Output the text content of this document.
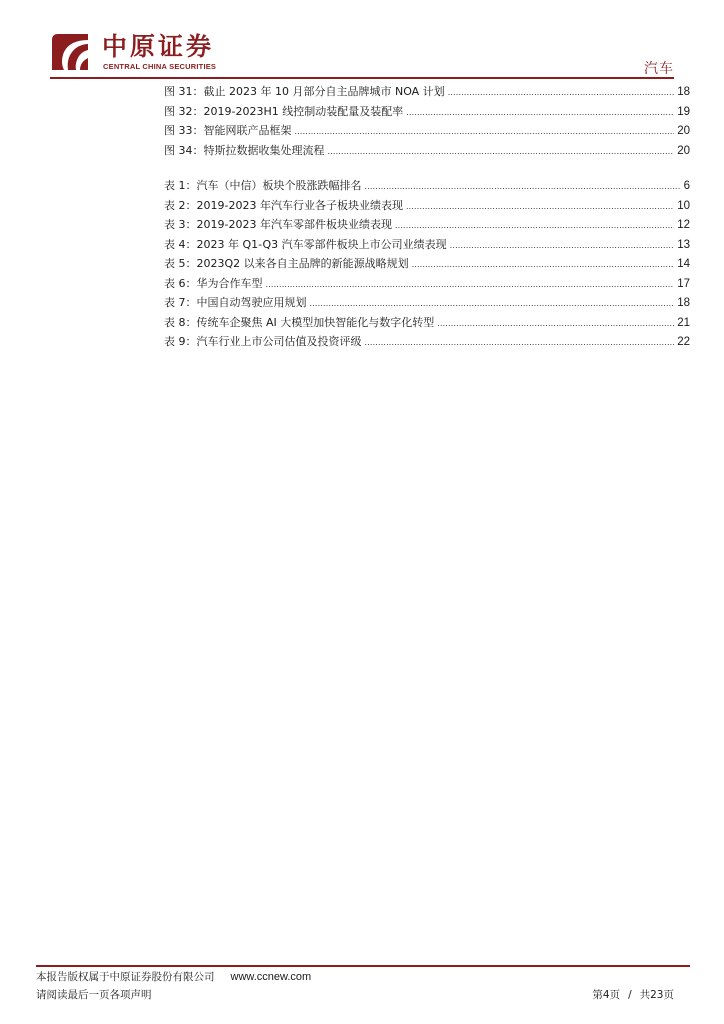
中原证券
CENTRAL CHINA SECURITIES	汽车
图 31：截止 2023 年 10 月部分自主品牌城市 NOA 计划 .....	18
图 32：2019-2023H1 线控制动装配量及装配率 .....	19
图 33：智能网联产品框架 .....	20
图 34：特斯拉数据收集处理流程 .....	20
表 1：汽车（中信）板块个股涨跌幅排名 .....	6
表 2：2019-2023 年汽车行业各子板块业绩表现 .....	10
表 3：2019-2023 年汽车零部件板块业绩表现 .....	12
表 4：2023 年 Q1-Q3 汽车零部件板块上市公司业绩表现 .....	13
表 5：2023Q2 以来各自主品牌的新能源战略规划 .....	14
表 6：华为合作车型 .....	17
表 7：中国自动驾驶应用规划 .....	18
表 8：传统车企聚焦 AI 大模型加快智能化与数字化转型 .....	21
表 9：汽车行业上市公司估值及投资评级 .....	22
本报告版权属于中原证券股份有限公司 www.ccnew.com
请阅读最后一页各项声明	第4页 / 共23页
